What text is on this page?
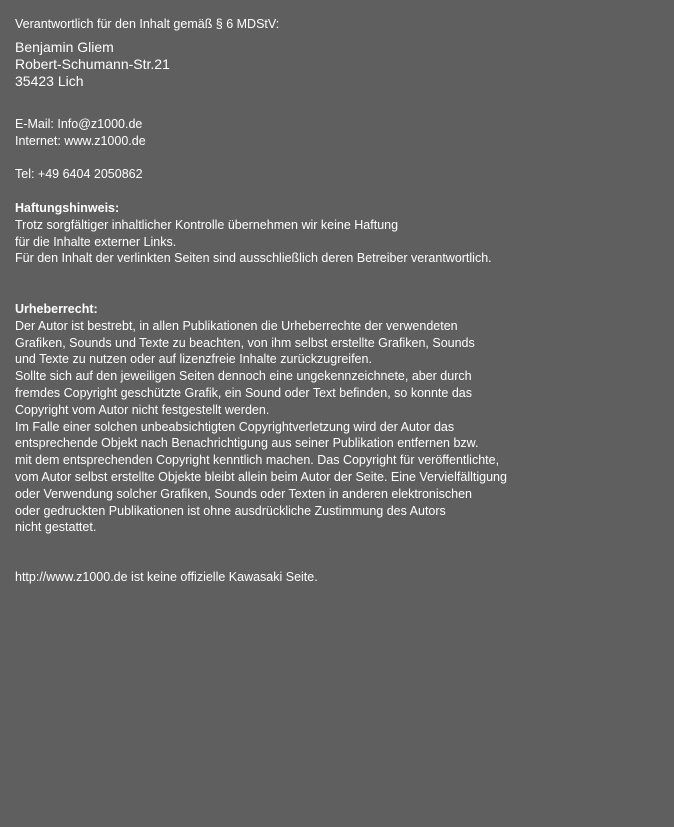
Verantwortlich für den Inhalt gemäß § 6 MDStV:
Benjamin Gliem
Robert-Schumann-Str.21
35423 Lich
E-Mail: Info@z1000.de
Internet: www.z1000.de
Tel: +49 6404 2050862
Haftungshinweis:
Trotz sorgfältiger inhaltlicher Kontrolle übernehmen wir keine Haftung
für die Inhalte externer Links.
Für den Inhalt der verlinkten Seiten sind ausschließlich deren Betreiber verantwortlich.
Urheberrecht:
Der Autor ist bestrebt, in allen Publikationen die Urheberrechte der verwendeten
Grafiken, Sounds und Texte zu beachten, von ihm selbst erstellte Grafiken, Sounds
und Texte zu nutzen oder auf lizenzfreie Inhalte zurückzugreifen.
Sollte sich auf den jeweiligen Seiten dennoch eine ungekennzeichnete, aber durch
fremdes Copyright geschützte Grafik, ein Sound oder Text befinden, so konnte das
Copyright vom Autor nicht festgestellt werden.
Im Falle einer solchen unbeabsichtigten Copyrightverletzung wird der Autor das
entsprechende Objekt nach Benachrichtigung aus seiner Publikation entfernen bzw.
mit dem entsprechenden Copyright kenntlich machen. Das Copyright für veröffentlichte,
vom Autor selbst erstellte Objekte bleibt allein beim Autor der Seite. Eine Vervielfälltigung
oder Verwendung solcher Grafiken, Sounds oder Texten in anderen elektronischen
oder gedruckten Publikationen ist ohne ausdrückliche Zustimmung des Autors
nicht gestattet.
http://www.z1000.de ist keine offizielle Kawasaki Seite.
